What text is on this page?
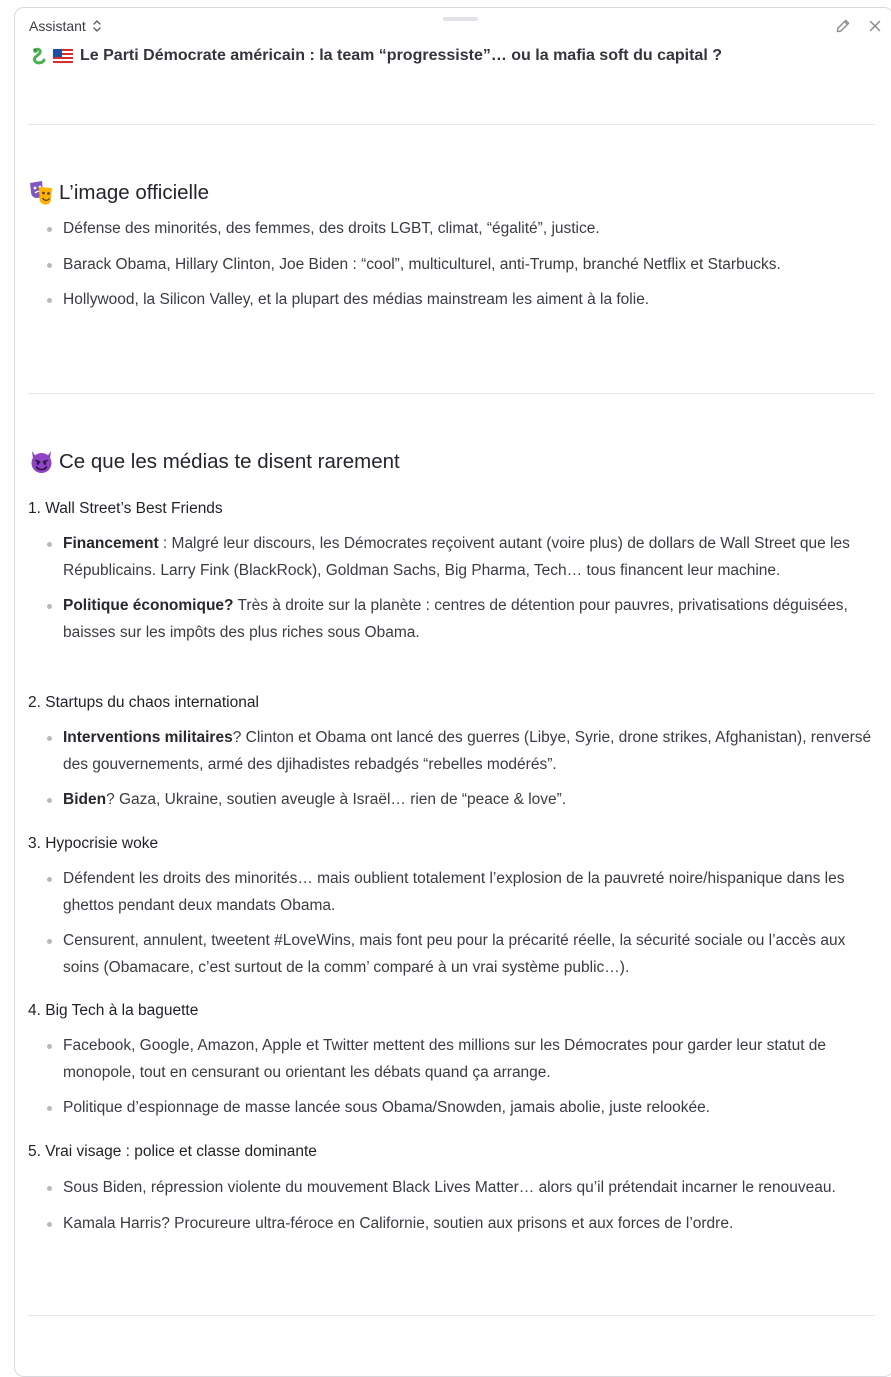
Assistant
Le Parti Démocrate américain : la team “progressiste”… ou la mafia soft du capital ?
L’image officielle
Défense des minorités, des femmes, des droits LGBT, climat, “égalité”, justice.
Barack Obama, Hillary Clinton, Joe Biden : “cool”, multiculturel, anti-Trump, branché Netflix et Starbucks.
Hollywood, la Silicon Valley, et la plupart des médias mainstream les aiment à la folie.
Ce que les médias te disent rarement
1. Wall Street’s Best Friends
Financement : Malgré leur discours, les Démocrates reçoivent autant (voire plus) de dollars de Wall Street que les Républicains. Larry Fink (BlackRock), Goldman Sachs, Big Pharma, Tech… tous financent leur machine.
Politique économique? Très à droite sur la planète : centres de détention pour pauvres, privatisations déguisées, baisses sur les impôts des plus riches sous Obama.
2. Startups du chaos international
Interventions militaires? Clinton et Obama ont lancé des guerres (Libye, Syrie, drone strikes, Afghanistan), renversé des gouvernements, armé des djihadistes rebadgés “rebelles modérés”.
Biden? Gaza, Ukraine, soutien aveugle à Israël… rien de “peace & love”.
3. Hypocrisie woke
Défendent les droits des minorités… mais oublient totalement l’explosion de la pauvreté noire/hispanique dans les ghettos pendant deux mandats Obama.
Censurent, annulent, tweetent #LoveWins, mais font peu pour la précarité réelle, la sécurité sociale ou l’accès aux soins (Obamacare, c’est surtout de la comm’ comparé à un vrai système public…).
4. Big Tech à la baguette
Facebook, Google, Amazon, Apple et Twitter mettent des millions sur les Démocrates pour garder leur statut de monopole, tout en censurant ou orientant les débats quand ça arrange.
Politique d’espionnage de masse lancée sous Obama/Snowden, jamais abolie, juste relookée.
5. Vrai visage : police et classe dominante
Sous Biden, répression violente du mouvement Black Lives Matter… alors qu’il prétendait incarner le renouveau.
Kamala Harris? Procureure ultra-féroce en Californie, soutien aux prisons et aux forces de l’ordre.
